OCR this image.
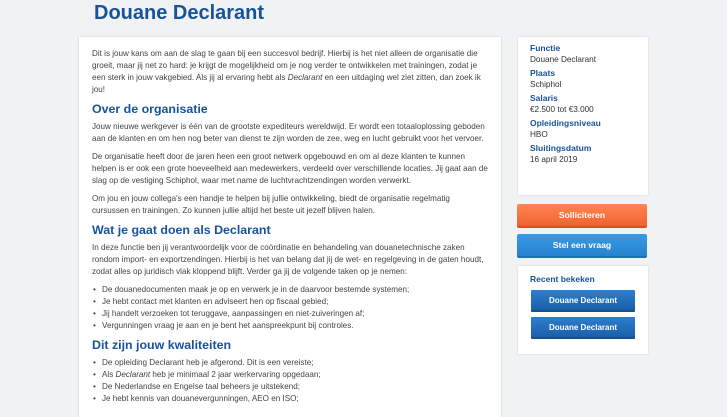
Douane Declarant

Dit is jouw kans om aan de slag te gaan bij een succesvol bedrijf. Hierbij is het niet alleen de organisatie die groeit, maar jij net zo hard: je krijgt de mogelijkheid om je nog verder te ontwikkelen met trainingen, zodat je een sterk in jouw vakgebied. Als jij al ervaring hebt als Declarant en een uitdaging wel ziet zitten, dan zoek ik jou!

Over de organisatie

Jouw nieuwe werkgever is één van de grootste expediteurs wereldwijd. Er wordt een totaaloplossing geboden aan de klanten en om hen nog beter van dienst te zijn worden de zee, weg en lucht gebruikt voor het vervoer.

De organisatie heeft door de jaren heen een groot netwerk opgebouwd en om al deze klanten te kunnen helpen is er ook een grote hoeveelheid aan medewerkers, verdeeld over verschillende locaties. Jij gaat aan de slag op de vestiging Schiphol, waar met name de luchtvrachtzendingen worden verwerkt.

Om jou en jouw collega's een handje te helpen bij jullie ontwikkeling, biedt de organisatie regelmatig cursussen en trainingen. Zo kunnen jullie altijd het beste uit jezelf blijven halen.

Wat je gaat doen als Declarant

In deze functie ben jij verantwoordelijk voor de coördinatie en behandeling van douanetechnische zaken rondom import- en exportzendingen. Hierbij is het van belang dat jij de wet- en regelgeving in de gaten houdt, zodat alles op juridisch vlak kloppend blijft. Verder ga jij de volgende taken op je nemen:

• De douanedocumenten maak je op en verwerk je in de daarvoor bestemde systemen;
• Je hebt contact met klanten en adviseert hen op fiscaal gebied;
• Jij handelt verzoeken tot teruggave, aanpassingen en niet-zuiveringen af;
• Vergunningen vraag je aan en je bent het aanspreekpunt bij controles.
Dit zijn jouw kwaliteiten
• De opleiding Declarant heb je afgerond. Dit is een vereiste;
• Als Declarant heb je minimaal 2 jaar werkervaring opgedaan;
• De Nederlandse en Engelse taal beheers je uitstekend;
• Je hebt kennis van douanevergunningen, AEO en ISO;
Functie
Douane Declarant
Plaats
Schiphol
Salaris
€2.500 tot €3.000
Opleidingsniveau
HBO
Sluitingsdatum
16 april 2019
Solliciteren
Stel een vraag
Recent bekeken
Douane Declarant
Douane Declarant
